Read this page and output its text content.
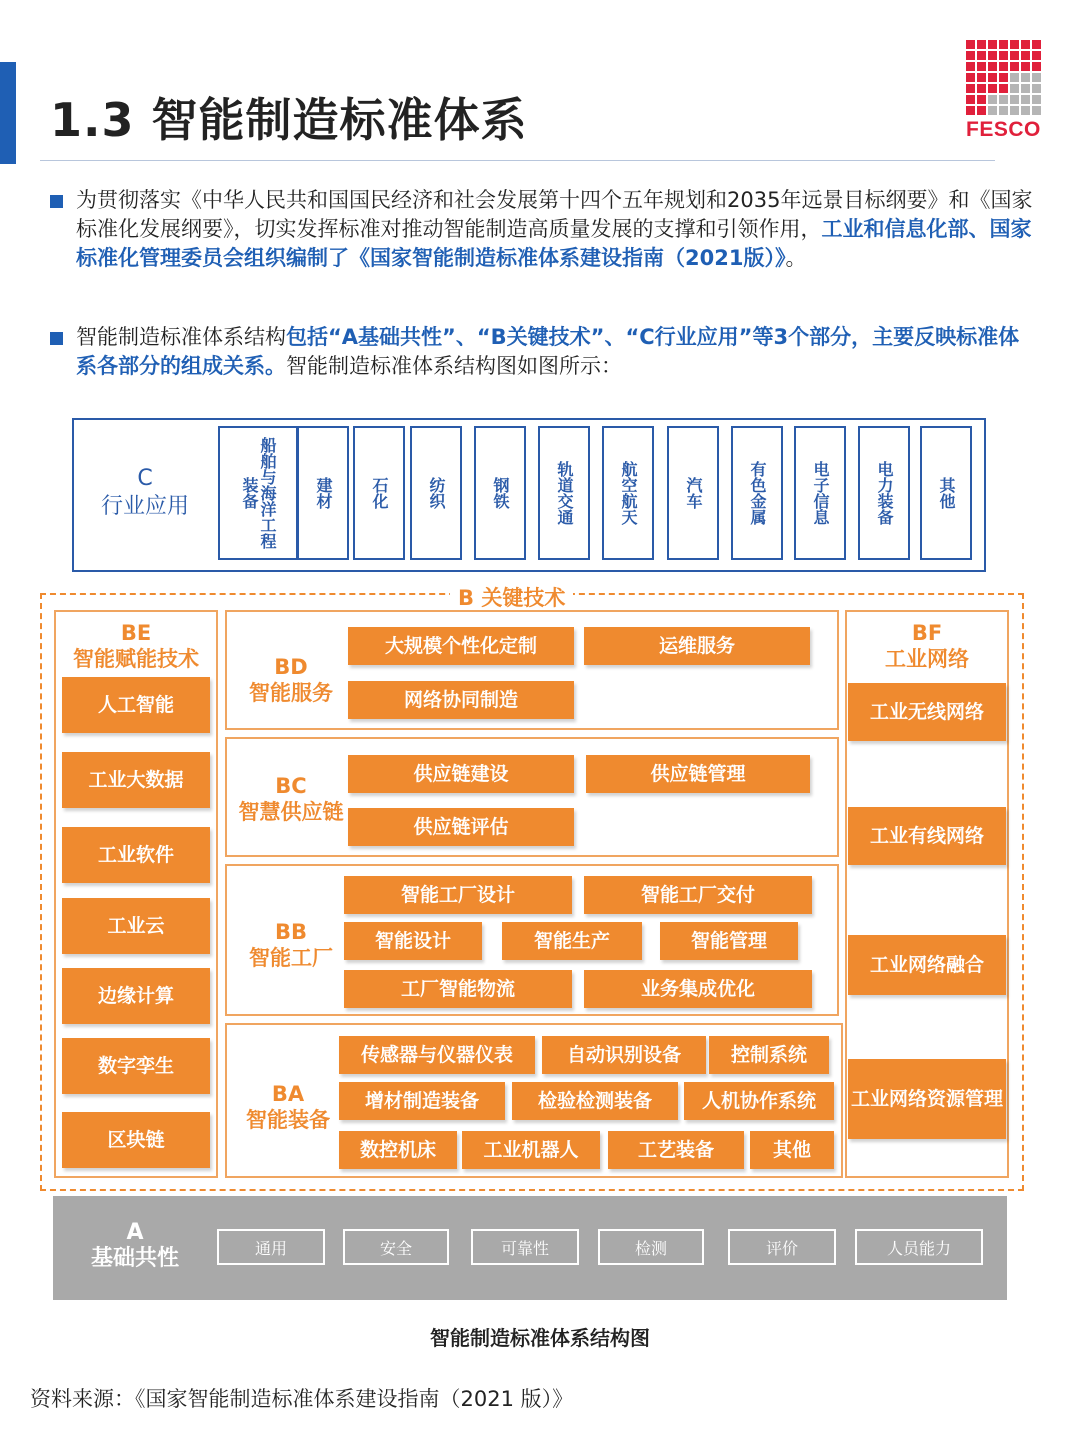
1.3 智能制造标准体系	FESCO
为贯彻落实《中华人民共和国国民经济和社会发展第十四个五年规划和2035年远景目标纲要》和《国家标准化发展纲要》，切实发挥标准对推动智能制造高质量发展的支撑和引领作用，工业和信息化部、国家标准化管理委员会组织编制了《国家智能制造标准体系建设指南（2021版）》。
智能制造标准体系结构包括“A基础共性”、“B关键技术”、“C行业应用”等3个部分，主要反映标准体系各部分的组成关系。智能制造标准体系结构图如图所示：
C
行业应用	船舶与海洋工程装备	建材	石化	纺织	钢铁	轨道交通	航空航天	汽车	有色金属	电子信息	电力装备	其他
B 关键技术
BE
智能赋能技术	BD
智能服务
BC
智慧供应链
BB
智能工厂
BA
智能装备
BF
工业网络
人工智能
工业大数据
工业软件
工业云
边缘计算
数字孪生
区块链
大规模个性化定制	运维服务
网络协同制造
供应链建设	供应链管理
供应链评估
智能工厂设计	智能工厂交付
智能设计	智能生产	智能管理
工厂智能物流	业务集成优化
传感器与仪器仪表	自动识别设备	控制系统
增材制造装备	检验检测装备	人机协作系统
数控机床	工业机器人	工艺装备	其他
工业无线网络
工业有线网络
工业网络融合
工业网络资源管理
A
基础共性	通用	安全	可靠性	检测	评价	人员能力
智能制造标准体系结构图
资料来源：《国家智能制造标准体系建设指南（2021 版）》
